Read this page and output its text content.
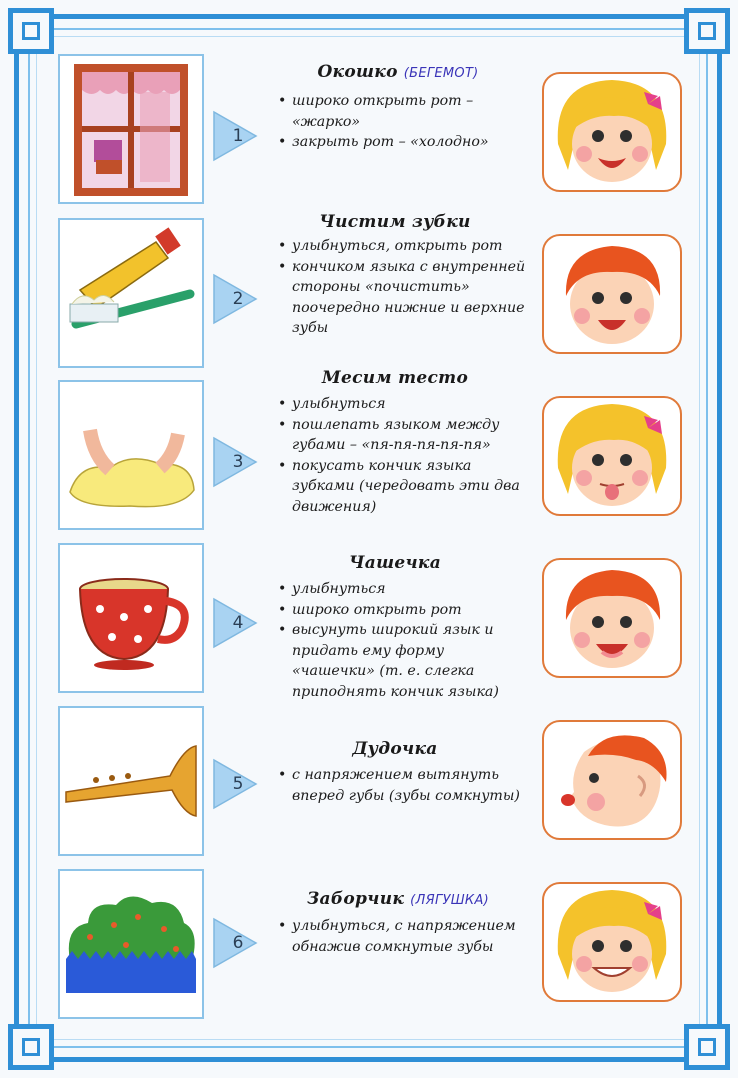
1
Окошко (БЕГЕМОТ)
• широко открыть рот – «жарко»
• закрыть рот – «холодно»
2
Чистим зубки
• улыбнуться, открыть рот
• кончиком языка с внутренней стороны «почистить» поочередно нижние и верхние зубы
3
Месим тесто
• улыбнуться
• пошлепать языком между губами – «пя-пя-пя-пя-пя»
• покусать кончик языка зубками (чередовать эти два движения)
4
Чашечка
• улыбнуться
• широко открыть рот
• высунуть широкий язык и придать ему форму «чашечки» (т. е. слегка приподнять кончик языка)
5
Дудочка
• с напряжением вытянуть вперед губы (зубы сомкнуты)
6
Заборчик (ЛЯГУШКА)
• улыбнуться, с напряжением обнажив сомкнутые зубы
